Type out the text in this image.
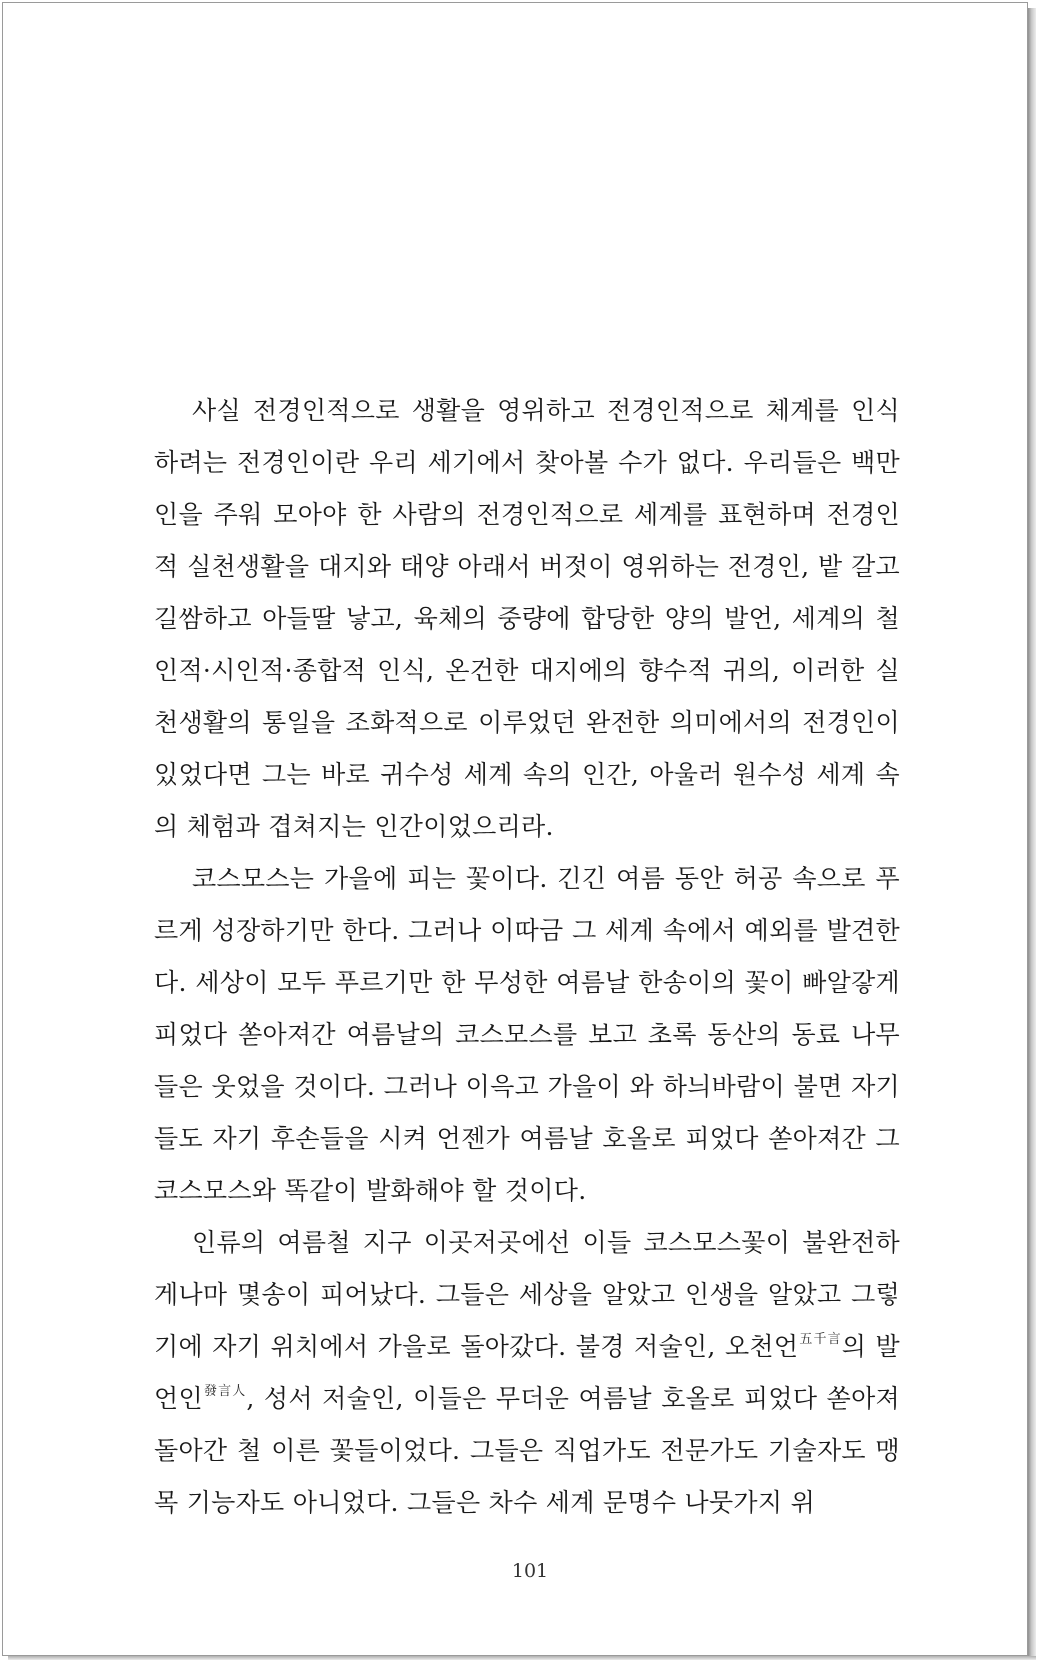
사실 전경인적으로 생활을 영위하고 전경인적으로 체계를 인식하려는 전경인이란 우리 세기에서 찾아볼 수가 없다. 우리들은 백만인을 주워 모아야 한 사람의 전경인적으로 세계를 표현하며 전경인적 실천생활을 대지와 태양 아래서 버젓이 영위하는 전경인, 밭 갈고 길쌈하고 아들딸 낳고, 육체의 중량에 합당한 양의 발언, 세계의 철인적·시인적·종합적 인식, 온건한 대지에의 향수적 귀의, 이러한 실천생활의 통일을 조화적으로 이루었던 완전한 의미에서의 전경인이 있었다면 그는 바로 귀수성 세계 속의 인간, 아울러 원수성 세계 속의 체험과 겹쳐지는 인간이었으리라.

코스모스는 가을에 피는 꽃이다. 긴긴 여름 동안 허공 속으로 푸르게 성장하기만 한다. 그러나 이따금 그 세계 속에서 예외를 발견한다. 세상이 모두 푸르기만 한 무성한 여름날 한송이의 꽃이 빠알갛게 피었다 쏟아져간 여름날의 코스모스를 보고 초록 동산의 동료 나무들은 웃었을 것이다. 그러나 이윽고 가을이 와 하늬바람이 불면 자기들도 자기 후손들을 시켜 언젠가 여름날 호올로 피었다 쏟아져간 그 코스모스와 똑같이 발화해야 할 것이다.

인류의 여름철 지구 이곳저곳에선 이들 코스모스꽃이 불완전하게나마 몇송이 피어났다. 그들은 세상을 알았고 인생을 알았고 그렇기에 자기 위치에서 가을로 돌아갔다. 불경 저술인, 오천언$^{五千言}$의 발언인$^{發言人}$, 성서 저술인, 이들은 무더운 여름날 호올로 피었다 쏟아져 돌아간 철 이른 꽃들이었다. 그들은 직업가도 전문가도 기술자도 맹목 기능자도 아니었다. 그들은 차수 세계 문명수 나뭇가지 위

101
